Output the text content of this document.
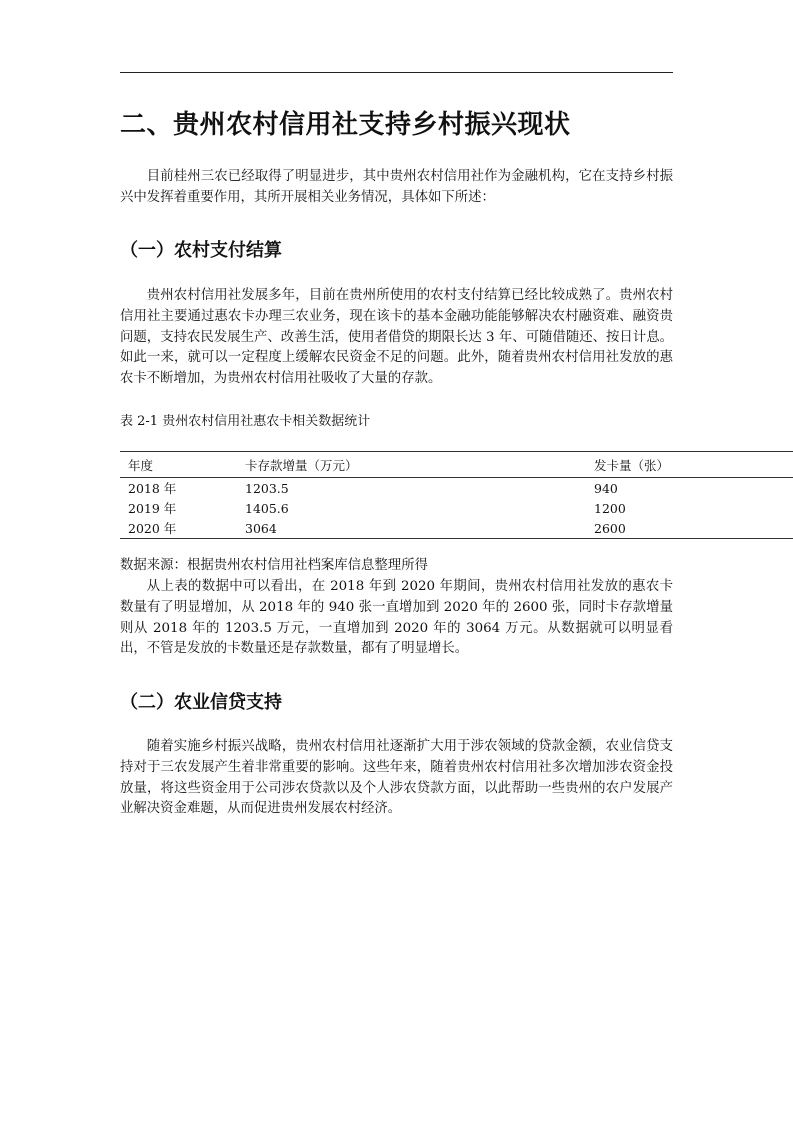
二、贵州农村信用社支持乡村振兴现状

目前桂州三农已经取得了明显进步，其中贵州农村信用社作为金融机构，它在支持乡村振兴中发挥着重要作用，其所开展相关业务情况，具体如下所述：

（一）农村支付结算

贵州农村信用社发展多年，目前在贵州所使用的农村支付结算已经比较成熟了。贵州农村信用社主要通过惠农卡办理三农业务，现在该卡的基本金融功能能够解决农村融资难、融资贵问题，支持农民发展生产、改善生活，使用者借贷的期限长达 3 年、可随借随还、按日计息。如此一来，就可以一定程度上缓解农民资金不足的问题。此外，随着贵州农村信用社发放的惠农卡不断增加，为贵州农村信用社吸收了大量的存款。

表 2-1 贵州农村信用社惠农卡相关数据统计

年度	卡存款增量（万元）	发卡量（张）
2018 年	1203.5	940
2019 年	1405.6	1200
2020 年	3064	2600

数据来源：根据贵州农村信用社档案库信息整理所得

从上表的数据中可以看出，在 2018 年到 2020 年期间，贵州农村信用社发放的惠农卡数量有了明显增加，从 2018 年的 940 张一直增加到 2020 年的 2600 张，同时卡存款增量则从 2018 年的 1203.5 万元，一直增加到 2020 年的 3064 万元。从数据就可以明显看出，不管是发放的卡数量还是存款数量，都有了明显增长。

（二）农业信贷支持

随着实施乡村振兴战略，贵州农村信用社逐渐扩大用于涉农领域的贷款金额，农业信贷支持对于三农发展产生着非常重要的影响。这些年来，随着贵州农村信用社多次增加涉农资金投放量，将这些资金用于公司涉农贷款以及个人涉农贷款方面，以此帮助一些贵州的农户发展产业解决资金难题，从而促进贵州发展农村经济。
